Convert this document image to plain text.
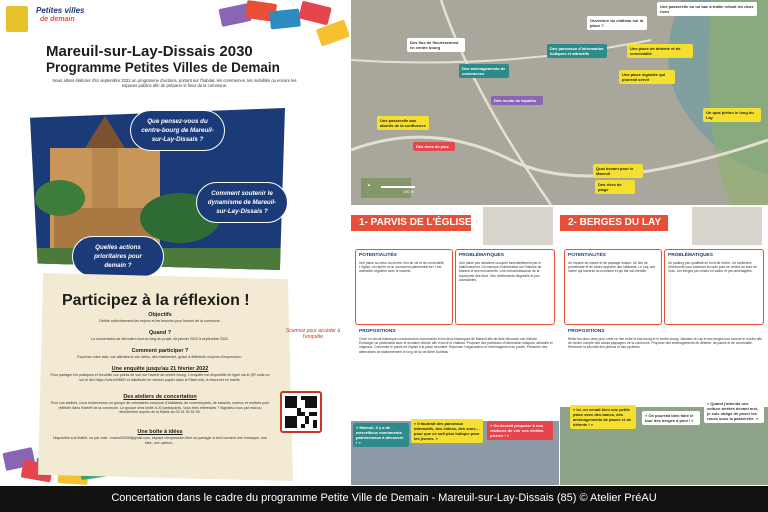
Petites villes
de demain
Mareuil-sur-Lay-Dissais 2030
Programme Petites Villes de Demain
Nous allons élaborer d'ici septembre 2022 un programme d'actions, portant sur l'habitat, les commerces, les mobilités ou encore les espaces publics afin de préparer le futur de la commune.
Que pensez-vous du centre-bourg de Mareuil-sur-Lay-Dissais ?
Comment soutenir le dynamisme de Mareuil-sur-Lay-Dissais ?
Quelles actions prioritaires pour demain ?
Participez à la réflexion !
Objectifs
Définir collectivement les enjeux et les besoins pour l'avenir de la commune.
Quand ?
La concertation se déroulera tout au long du projet, de janvier 2022 à septembre 2022.
Comment participer ?
Exprimer votre avis, vos attentes et vos idées, dès maintenant, grâce à différents moyens d'expression :
Une enquête jusqu'au 21 février 2022
Pour partager les pratiques et recueillir vos points de vue sur l'avenir du centre-bourg. L'enquête est disponible en ligne via le QR code ou sur le lien https://urls.fr/hBKD et distribuée en version papier dans le Flash Info, à retourner en mairie.
Des ateliers de concertation
Pour vos ateliers, nous recherchons un groupe de volontaires composé d'habitants, de commerçants, de salariés, curieux et motivés pour réfléchir dans l'intérêt de la commune. Le groupe sera limité à 20 participants. Vous êtes intéressés ? Signalez-vous par mail ou directement auprès de la Mairie au 02 51 30 51 05.
Une boîte à idées
Disponible à la Mairie, ou par mail : mareuil2030@gmail.com, espace d'expression libre où partager à tout moment une remarque, une idée, une opinion...
Scannez pour accéder à l'enquête
Une passerelle ou un bac à traille reliant les deux rives
Ouverture du château sur la place ?
Des flux de fleurissement en centre bourg	Des panneaux d'information ludiques et attractifs
Une place de détente et de convivialité
Des aménagements de commerces	Une place signalée qui pourrait servir
Des reculs de façades
Un quai piéton le long du Lay
Une passerelle aux abords de la confluence
Des rives de jeux
Quai devant pour le Mareuil
Des rives de plage
▲
100 m
1- PARVIS DE L'ÉGLISE
POTENTIALITÉS
Une place au cœur du centre, lieu de vie et de convivialité. L'église, un repère et un monument patrimonial fort. Une animation régulière avec le marché.
PROBLÉMATIQUES
Une place peu attractive occupée essentiellement par le stationnement. Un manque d'information sur l'histoire de Mareuil et ses monuments. Une méconnaissance de la toponymie des lieux. Des revêtements dégradés et peu accessibles.
PROPOSITIONS
Créer un circuit historique connectant les monuments et les lieux historiques de Mareuil afin de faire découvrir son histoire. Envisager un partenariat avec le domaine viticole afin d'ouvrir le château. Proposer des panneaux d'information ludiques, attractifs et originaux. Connecter le parvis de l'église à la place circulaire. Repenser l'organisation et l'aménagement du parvis. Présenter des alternatives de stationnement le long de la rue Abbé Guitteau.
« Mareuil, il y a de merveilleux monuments patrimoniaux à découvrir ! »
« Il faudrait des panneaux interactifs, des vidéos, des sons… pour que ce soit plus ludique pour les jeunes. »
« On devrait proposer à nos visiteurs de voir nos vieilles pierres ! »
2- BERGES DU LAY
POTENTIALITÉS
Un espace de nature et de paysage unique. Un lieu de promenade et de loisirs apprécié des habitants. Le Lay, une rivière qui traverse la commune et qui fait son identité.
PROBLÉMATIQUES
Un parking peu qualitatif en bord de rivière. Un sentiment d'insécurité pour traverser la route pour se rendre au bord de l'eau. Les berges peu mises en valeur et peu aménagées.
PROPOSITIONS
Relier les deux rives pour créer un lien entre le bas bourg et le centre-bourg. Valoriser le Lay et ses berges tout comme le moulin afin de rendre compte des atouts paysagers de la commune. Proposer des aménagements de détente, de pause et de convivialité. Renforcer la sécurité des piétons et des cyclistes.
« Ici, on venait bien une petite place avec des bancs, des aménagements de pause et de détente ! »
« On pourrait bien faire le tour des berges à pied ! »
« Quand j'attends une voiture arrêtée devant moi, je suis obligé de poser les roues sous la passerelle. »
Concertation dans le cadre du programme Petite Ville de Demain - Mareuil-sur-Lay-Dissais (85) © Atelier PréAU
